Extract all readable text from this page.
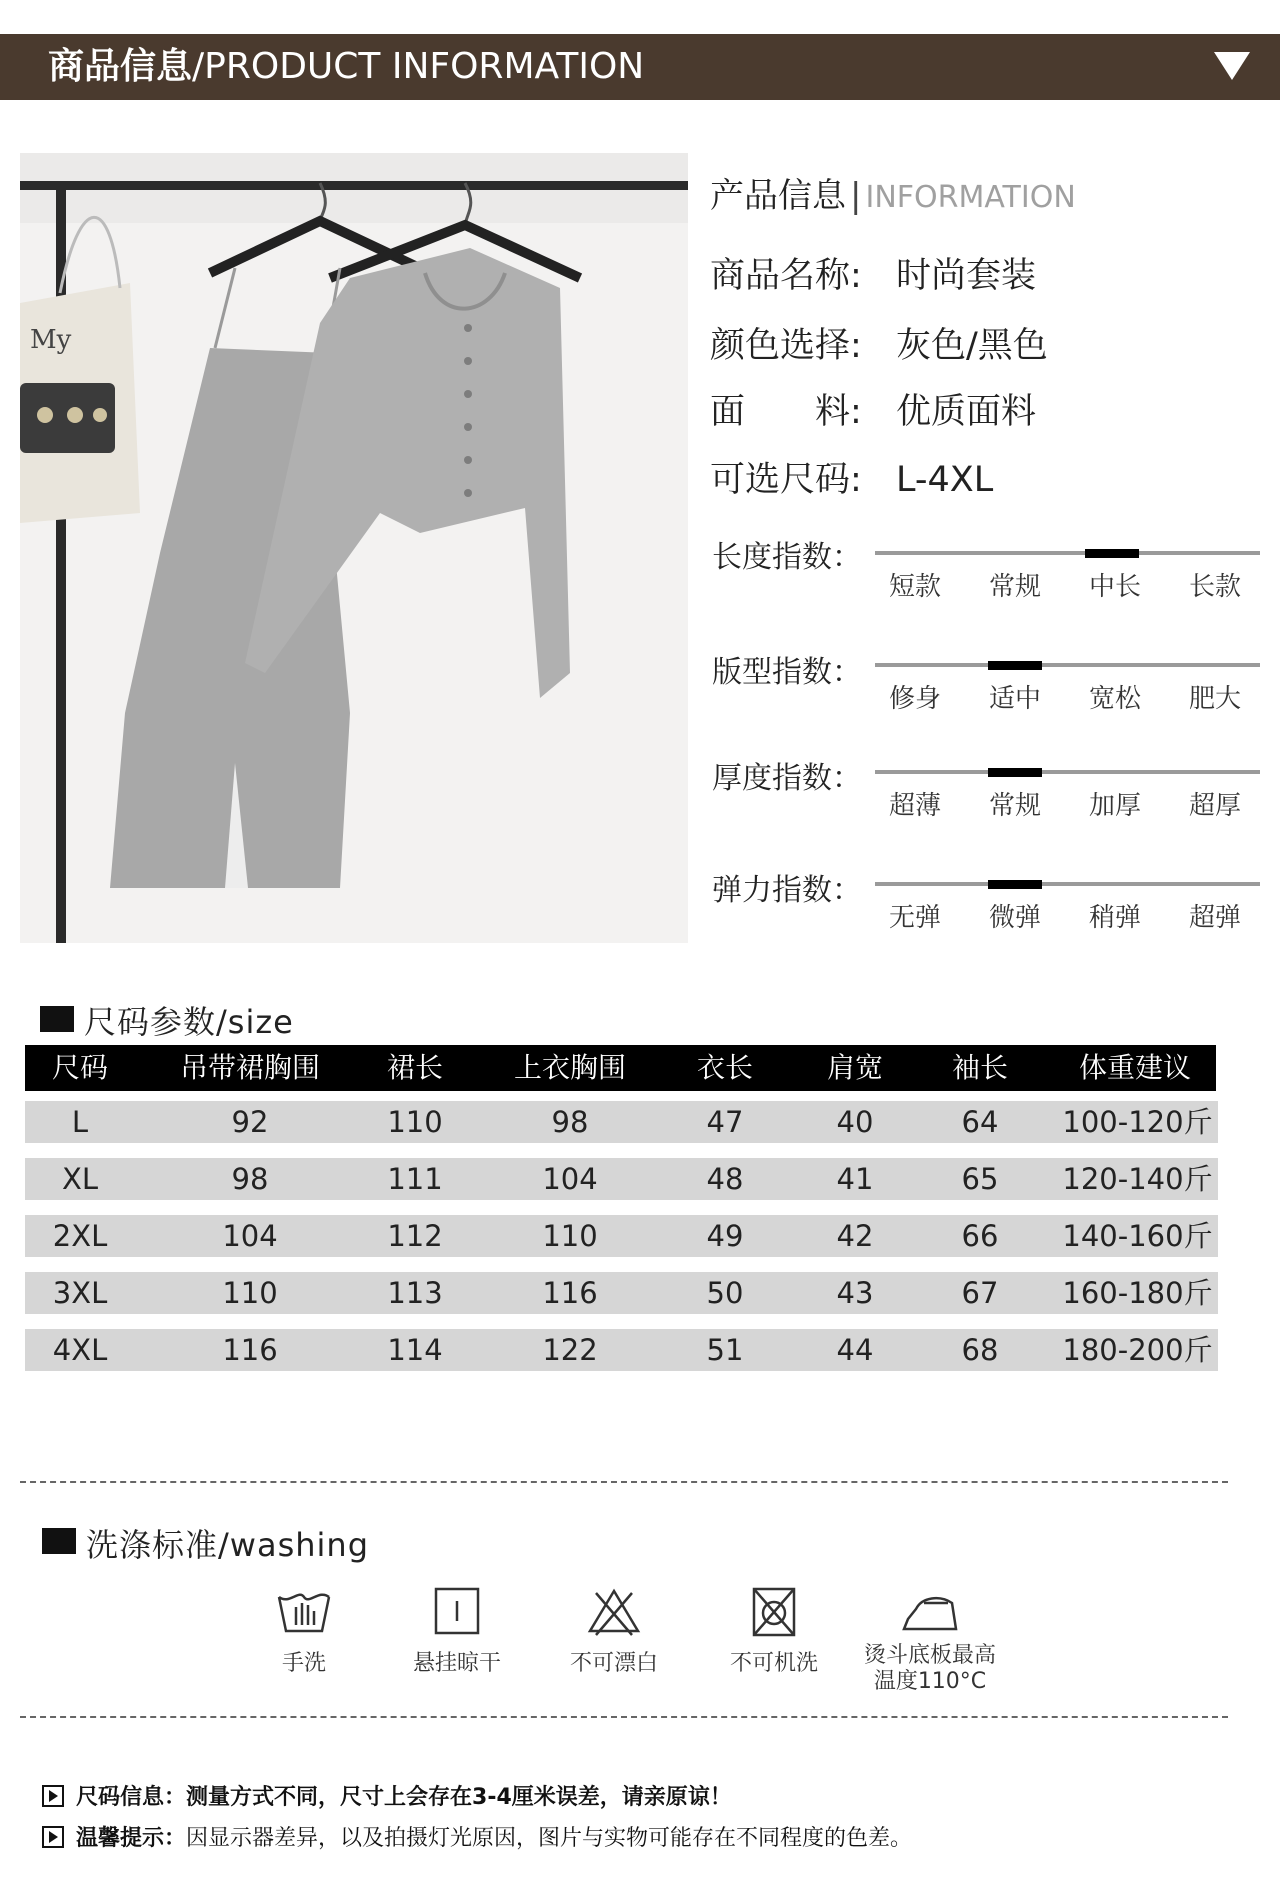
商品信息/PRODUCT INFORMATION
My
产品信息 | INFORMATION
商品名称: 时尚套装
颜色选择: 灰色/黑色
面　　料: 优质面料
可选尺码: L-4XL
长度指数：
短款	常规	中长	长款
版型指数：
修身	适中	宽松	肥大
厚度指数：
超薄	常规	加厚	超厚
弹力指数：
无弹	微弹	稍弹	超弹
尺码参数/size
尺码	吊带裙胸围	裙长	上衣胸围	衣长	肩宽	袖长	体重建议
L	92	110	98	47	40	64	100-120斤
XL	98	111	104	48	41	65	120-140斤
2XL	104	112	110	49	42	66	140-160斤
3XL	110	113	116	50	43	67	160-180斤
4XL	116	114	122	51	44	68	180-200斤
洗涤标准/washing
手洗	悬挂晾干	不可漂白	不可机洗	烫斗底板最高
温度110°C
尺码信息：测量方式不同，尺寸上会存在3-4厘米误差，请亲原谅！
温馨提示：因显示器差异，以及拍摄灯光原因，图片与实物可能存在不同程度的色差。
